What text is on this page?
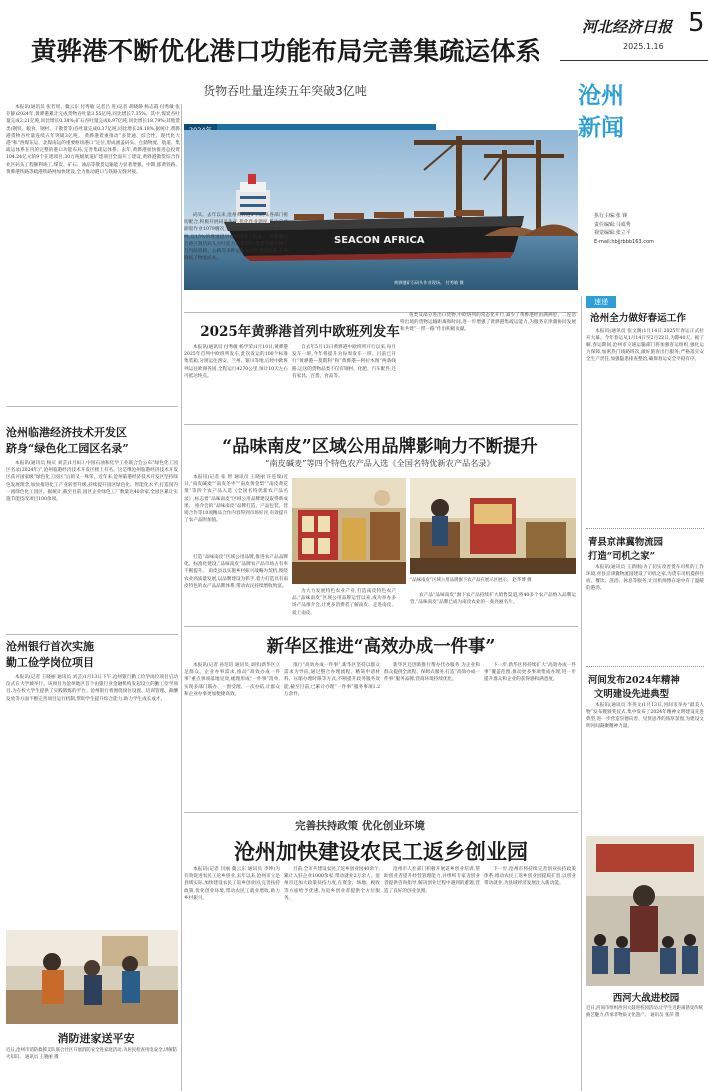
河北经济日报 5
2025.1.16
沧州
新闻
执行主编:张 锋
责任编辑:马成秀
视觉编辑:张立平
E-mail:hbjjrbbb163.com
黄骅港不断优化港口功能布局完善集疏运体系
货物吞吐量连续五年突破3亿吨

本报讯(通讯员 张若瑶、冀云东 付秀敏 记者吕 进)记者 胡晓静 杨志霞 付秀敏 张存静)2024年,黄骅港累计完成货物吞吐量3.55亿吨,同比增长7.35%。其中,煤炭吞吐量完成2.21亿吨,同比增长0.38%;矿石吞吐量完成0.97亿吨,同比增长18.79%;其他货类(钢铁、粮食、钢材、干散货等)吞吐量完成0.37亿吨,同比增长28.18%,据统计,黄骅港货物吞吐量连续五年突破3亿吨。 黄骅港着重推动“多货通、综合性、现代化大港”和“西煤东运、北煤南运的重要枢纽港口”定位,形成涵盖码头、仓储物流、航道、集疏运体系在内的完整的港口功能布局,完善集疏运体系。去年,黄骅港加快推进总投资104.24亿元的9个在建项目,30万吨级航道扩建项目全面开工建设,黄骅港散货综合作业区码头工程顺利竣工,煤炭、矿石、油品等散货运输能力显著增强。中期,邯黄铁路、黄骅港铁路等疏港铁路网加快建设,全力推动港口与铁路无缝对接。

SEACON AFRICA
黄骅港矿石码头作业现场。 付秀敏 摄

码头。去年以来,沧州黄骅港矿石码头各部门密切配合,积极开展码头生产,优化作业调度,累计完成卸船作业1079艘次,完成货物吞吐量达8855.97万吨,以15%的增速稳居黄骅港各个码头。 黄骅港综合港区散货码头吞吐能力显著提升,散货运输实现了与内陆铁路、公路等多种运输方式的无缝衔接,有效降低了物流成本。

2025年黄骅港首列中欧班列发车

本报讯(通讯员 付秀敏 杨学荣)1月10日,黄骅港2025年首列中欧班列发车,此次发运的100个标准集装箱,分别运往西安、兰州、银川等地,后经中欧班列运往欧洲各国,全程运行4270公里,预计10天左右可抵达终点。

自去年5月13日黄骅港中欧班列开行以来,每月发车一班,今年将提升为每周发车一班。目前已开行“黄骅港—莫斯科”和“黄骅港—阿拉木图”两条线路,运送的货物品类不仅有钢材、化肥、汽车配件,还有家具、百货、食品等。

鱼类及部分进出口货物,中欧班列的常态化开行,减少了黄骅港经由满洲里、二连浩特出境的货物运输距离和时间,进一步增强了黄骅港集疏运能力,为服务京津冀协同发展和共建“一带一路”作出积极贡献。

“品味南皮”区域公用品牌影响力不断提升
“南皮碱麦”等四个特色农产品入选《全国名特优新农产品名录》

本报讯(记者 张 智 通讯员 王晓丽 许连瑞)近日,“南皮碱麦”“南皮冬枣”“南皮黄金梨”“南皮黄花菜”等四个农产品入选《全国名特优新农产品名录》,标志着“品味南皮”区域公用品牌建设取得新成果。 推介会的“品味南皮”品牌打造、产品包装、营销合作等10项精品合作内容得到市场好评,有效提升了农产品附加值。

打造“品味南皮”区域公用品牌,推进农产品品牌化、标准化建设,“品味南皮”品牌农产品市场占有率不断提升。 南皮县以实施乡村振兴战略为契机,围绕农业高质量发展,以品牌建设为抓手,着力打造具有南皮特色的农产品品牌体系,带动农民持续增收致富。

“品味南皮”区域公用品牌旗下农产品在展示区展示。 赵华博 摄

为大力发展特色农业产业,打造南皮特色农产品,“品味南皮”区域公用品牌运营以来,成功举办多场产品推介会,让更多消费者了解南皮、走进南皮、爱上南皮。

农产品“品味南皮”旗下农产品持续扩大销售渠道,将40多个农产品纳入品牌运营,“品味南皮”品牌已成为南皮农业的一张亮丽名片。

新华区推进“高效办成一件事”

本报讯(记者 孙培培 通讯员 刘彤)新华区立足群众、企业办事需求,推动“高效办成一件事”重点事项落地见效,梳理形成“一件事”清单,实现多部门联办、一窗受理、一次办结,让群众和企业办事更加便捷高效。

推行“高效办成一件事”,新华区坚持以群众需求为导向,通过整合办理流程、精简申请材料、压缩办理时限等方式,不断提升政务服务效能,截至目前,已累计办理“一件事”服务事项1.2万余件。

新华区还创新推行帮办代办服务,为企业和群众提供全流程、保姆式服务,打造“高效办成一件事”服务品牌,营商环境持续优化。

下一步,新华区将持续扩大“高效办成一件事”覆盖范围,推动更多事项集成办理,进一步提升群众和企业的获得感和满意度。

完善扶持政策 优化创业环境
沧州加快建设农民工返乡创业园

本报讯(记者 闫丽 冀云东 通讯员 李坤)为有效促进农民工返乡创业,去年以来,沧州市立足县域实际,加快建设农民工返乡创业园,完善扶持政策,优化创业环境,带动农民工就业增收,助力乡村振兴。

目前,全市共建设农民工返乡创业园40余个,累计入驻企业1000余家,带动就业2万余人。沧州市还加大政策扶持力度,在资金、场地、税收等方面给予优惠,为返乡创业者提供全方位服务。

沧州市人社部门积极开展返乡创业培训,帮助创业者提升经营管理能力,并组织专家为创业者提供咨询指导,解决创业过程中遇到的难题,营造了良好的创业氛围。

下一步,沧州市将持续完善创业扶持政策体系,推动农民工返乡创业园提质扩容,以创业带动就业,为县域经济发展注入新动能。

沧州临港经济技术开发区
跻身“绿色化工园区名录”

本报讯(通讯员 杨庆 刘芸)1月8日,中国石油和化学工业联合会公布“绿色化工园区名录(2024年)”,沧州临港经济技术开发区榜上有名。这是继沧州临港经济技术开发区获评国家级“绿色化工园区”后的又一殊荣。近年来,沧州临港经济技术开发区坚持绿色发展理念,加快推进化工产业转型升级,持续提升园区绿色化、智能化水平,打造国内一流绿色化工园区。据统计,截至目前,园区企业绿色工厂数量达40余家,全园区累计实施节能技改项目100余项。

沧州银行首次实施
勤工俭学岗位项目

本报讯(记者 王晓丽 通讯员 刘芸)1月13日下午,沧州银行勤工俭学岗位项目启动仪式在大学城举行。该项目为沧州地区首个由银行业金融机构发起设立的勤工俭学项目,为在校大学生提供了实践锻炼的平台。沧州银行将围绕岗位设置、培训管理、薪酬发放等方面不断完善项目运行机制,帮助学生提升综合能力,助力学生成长成才。

消防进家送平安
近日,沧州市消防救援支队联合社区开展消防安全进家庭活动,为居民检查用电安全,讲解防火知识。 通讯员 王晓丽 摄
速递
沧州全力做好春运工作

本报讯(通讯员 张文阁)1月14日,2025年春运正式拉开大幕。今年春运从1月14日至2月22日,为期40天。据了解,春运期间,沧州市交通运输部门将加强客运组织,强化运力保障,加密热门线路班次,做好旅客出行服务;严格落实安全生产责任,加强隐患排查整治,确保春运安全平稳有序。

青县京津冀物流园
打造“司机之家”

本报讯(通讯员 王新刚)为了切实改善货车司机的工作环境,青县京津冀物流园建设了司机之家,为货车司机提供住宿、餐饮、洗浴、休息等服务,让司机师傅在途中有了温暖的港湾。

河间发布2024年精神
文明建设先进典型

本报讯(通讯员 李英文)1月13日,河间市举办“最美人物”发布暨颁奖仪式,集中发布了2024年精神文明建设先进典型,进一步营造崇德向善、见贤思齐的浓厚氛围,为建设文明河间凝聚精神力量。

西河大战进校园
近日,河间市组织西河大鼓进校园活动,让学生近距离感受传统曲艺魅力,传承非物质文化遗产。 通讯员 张萍 摄
